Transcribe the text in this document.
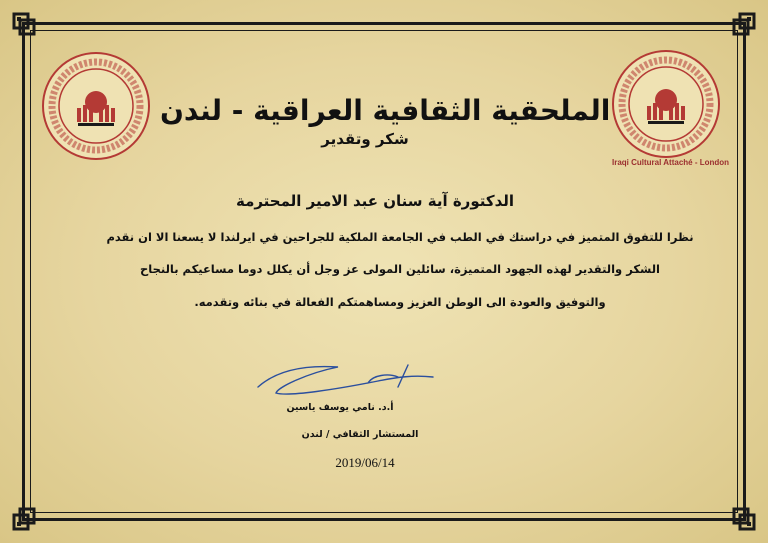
Iraqi Cultural Attaché - London
الملحقية الثقافية العراقية - لندن
شكر وتقدير
الدكتورة آية سنان عبد الامير المحترمة
نظرا للتفوق المتميز في دراستك في الطب في الجامعة الملكية للجراحين في ايرلندا لا يسعنا الا ان نقدم
الشكر والتقدير لهذه الجهود المتميزة، سائلين المولى عز وجل أن يكلل دوما مساعيكم بالنجاح
والتوفيق والعودة الى الوطن العزيز ومساهمتكم الفعالة في بنائه وتقدمه.
أ.د. نامي يوسف ياسين
المستشار الثقافي / لندن
2019/06/14
